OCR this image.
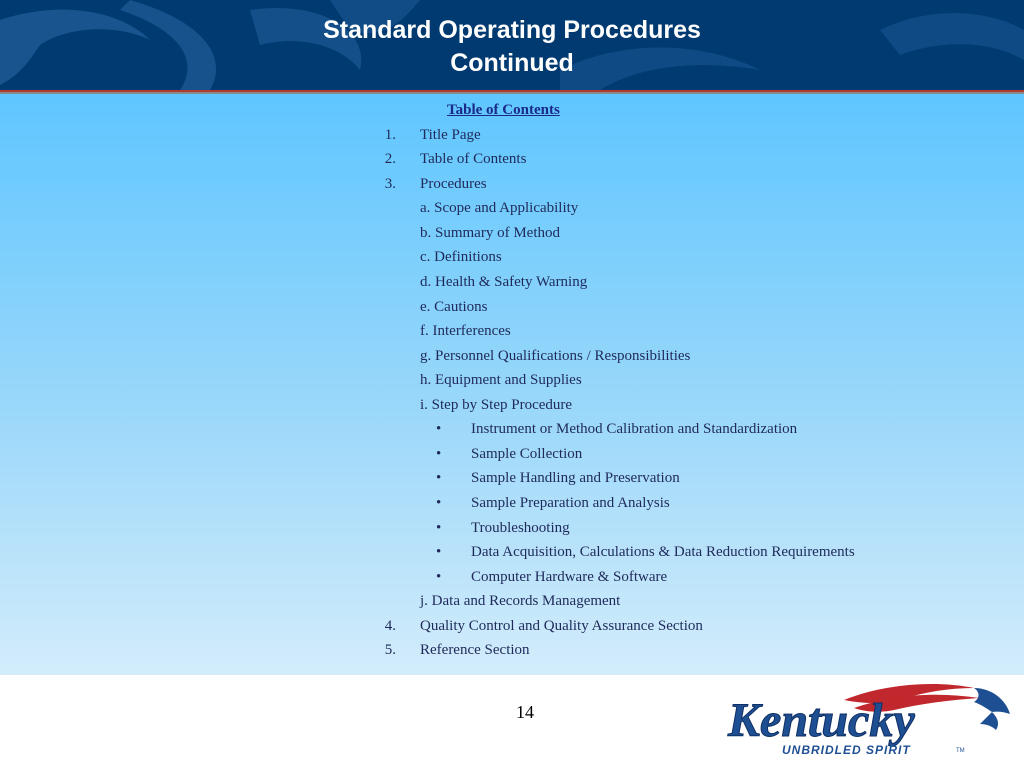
Standard Operating Procedures
Continued
Table of Contents
1. Title Page
2. Table of Contents
3. Procedures
a. Scope and Applicability
b. Summary of Method
c. Definitions
d. Health & Safety Warning
e. Cautions
f. Interferences
g. Personnel Qualifications / Responsibilities
h. Equipment and Supplies
i. Step by Step Procedure
• Instrument or Method Calibration and Standardization
• Sample Collection
• Sample Handling and Preservation
• Sample Preparation and Analysis
• Troubleshooting
• Data Acquisition, Calculations & Data Reduction Requirements
• Computer Hardware & Software
j. Data and Records Management
4. Quality Control and Quality Assurance Section
5. Reference Section
14	Kentucky
UNBRIDLED SPIRIT	TM
